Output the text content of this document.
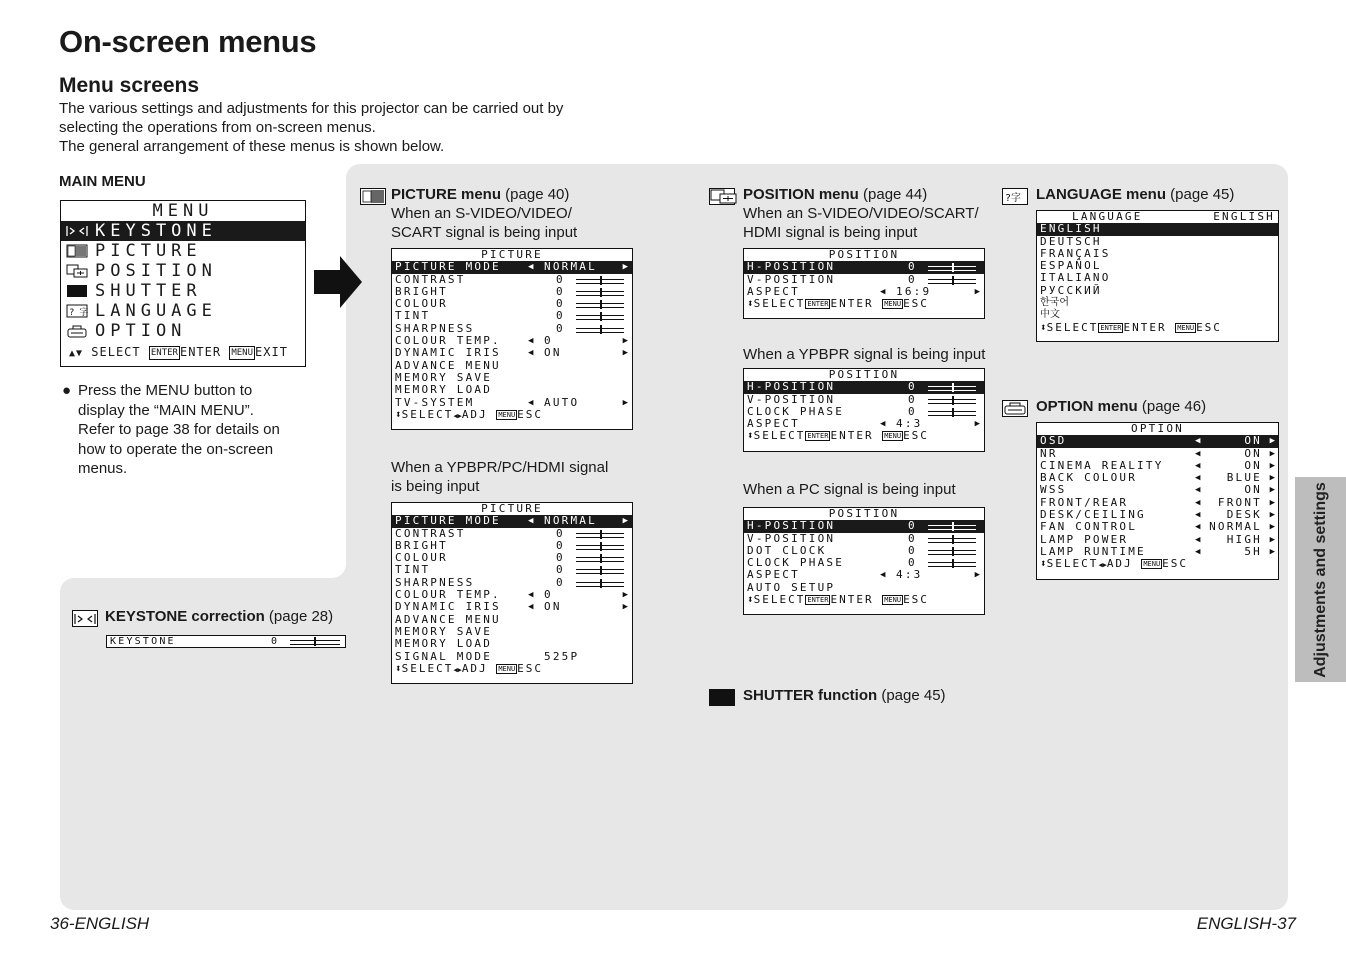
On-screen menus
Menu screens
The various settings and adjustments for this projector can be carried out by
selecting the operations from on-screen menus.
The general arrangement of these menus is shown below.
MAIN MENU
MENU
KEYSTONE
PICTURE
POSITION
SHUTTER
?字 LANGUAGE
OPTION
▲▼ SELECT ENTER ENTER MENU EXIT
● Press the MENU button to
display the “MAIN MENU”.
Refer to page 38 for details on
how to operate the on-screen
menus.
KEYSTONE correction (page 28)
KEYSTONE	0
PICTURE menu (page 40)
When an S-VIDEO/VIDEO/
SCART signal is being input
PICTURE
PICTURE MODE	NORMAL
◀	▶
CONTRAST	0
BRIGHT	0
COLOUR	0
TINT	0
SHARPNESS	0
COLOUR TEMP.	0
◀	▶
DYNAMIC IRIS	ON
◀	▶
ADVANCE MENU
MEMORY SAVE
MEMORY LOAD
TV-SYSTEM	AUTO
◀	▶
⬍SELECT◀▶ADJ MENU ESC
When a YPBPR/PC/HDMI signal
is being input
PICTURE
PICTURE MODE	NORMAL
◀	▶
CONTRAST	0
BRIGHT	0
COLOUR	0
TINT	0
SHARPNESS	0
COLOUR TEMP.	0
◀	▶
DYNAMIC IRIS	ON
◀	▶
ADVANCE MENU
MEMORY SAVE
MEMORY LOAD
SIGNAL MODE	525P
⬍SELECT◀▶ADJ MENU ESC
POSITION menu (page 44)
When an S-VIDEO/VIDEO/SCART/
HDMI signal is being input
POSITION
H-POSITION	0
V-POSITION	0
ASPECT	16:9
◀	▶
⬍SELECT ENTER ENTER MENU ESC
When a YPBPR signal is being input
POSITION
H-POSITION	0
V-POSITION	0
CLOCK PHASE	0
ASPECT	4:3
◀	▶
⬍SELECT ENTER ENTER MENU ESC
When a PC signal is being input
POSITION
H-POSITION	0
V-POSITION	0
DOT CLOCK	0
CLOCK PHASE	0
ASPECT	4:3
◀	▶
AUTO SETUP
⬍SELECT ENTER ENTER MENU ESC
SHUTTER function (page 45)
?字 LANGUAGE menu (page 45)
LANGUAGE	ENGLISH
ENGLISH
DEUTSCH
FRANÇAIS
ESPAÑOL
ITALIANO
РУССКИЙ
한국어
中文
⬍SELECT ENTER ENTER MENU ESC
OPTION menu (page 46)
OPTION
OSD	◀	ON ▶
NR	◀	ON ▶
CINEMA REALITY	◀	ON ▶
BACK COLOUR	◀ BLUE ▶
WSS	◀	ON ▶
FRONT/REAR	◀ FRONT ▶
DESK/CEILING	◀ DESK ▶
FAN CONTROL	◀ NORMAL ▶
LAMP POWER	◀ HIGH ▶
LAMP RUNTIME	◀	5H ▶
⬍SELECT◀▶ADJ MENU ESC	Adjustments and settings
36-ENGLISH	ENGLISH-37
